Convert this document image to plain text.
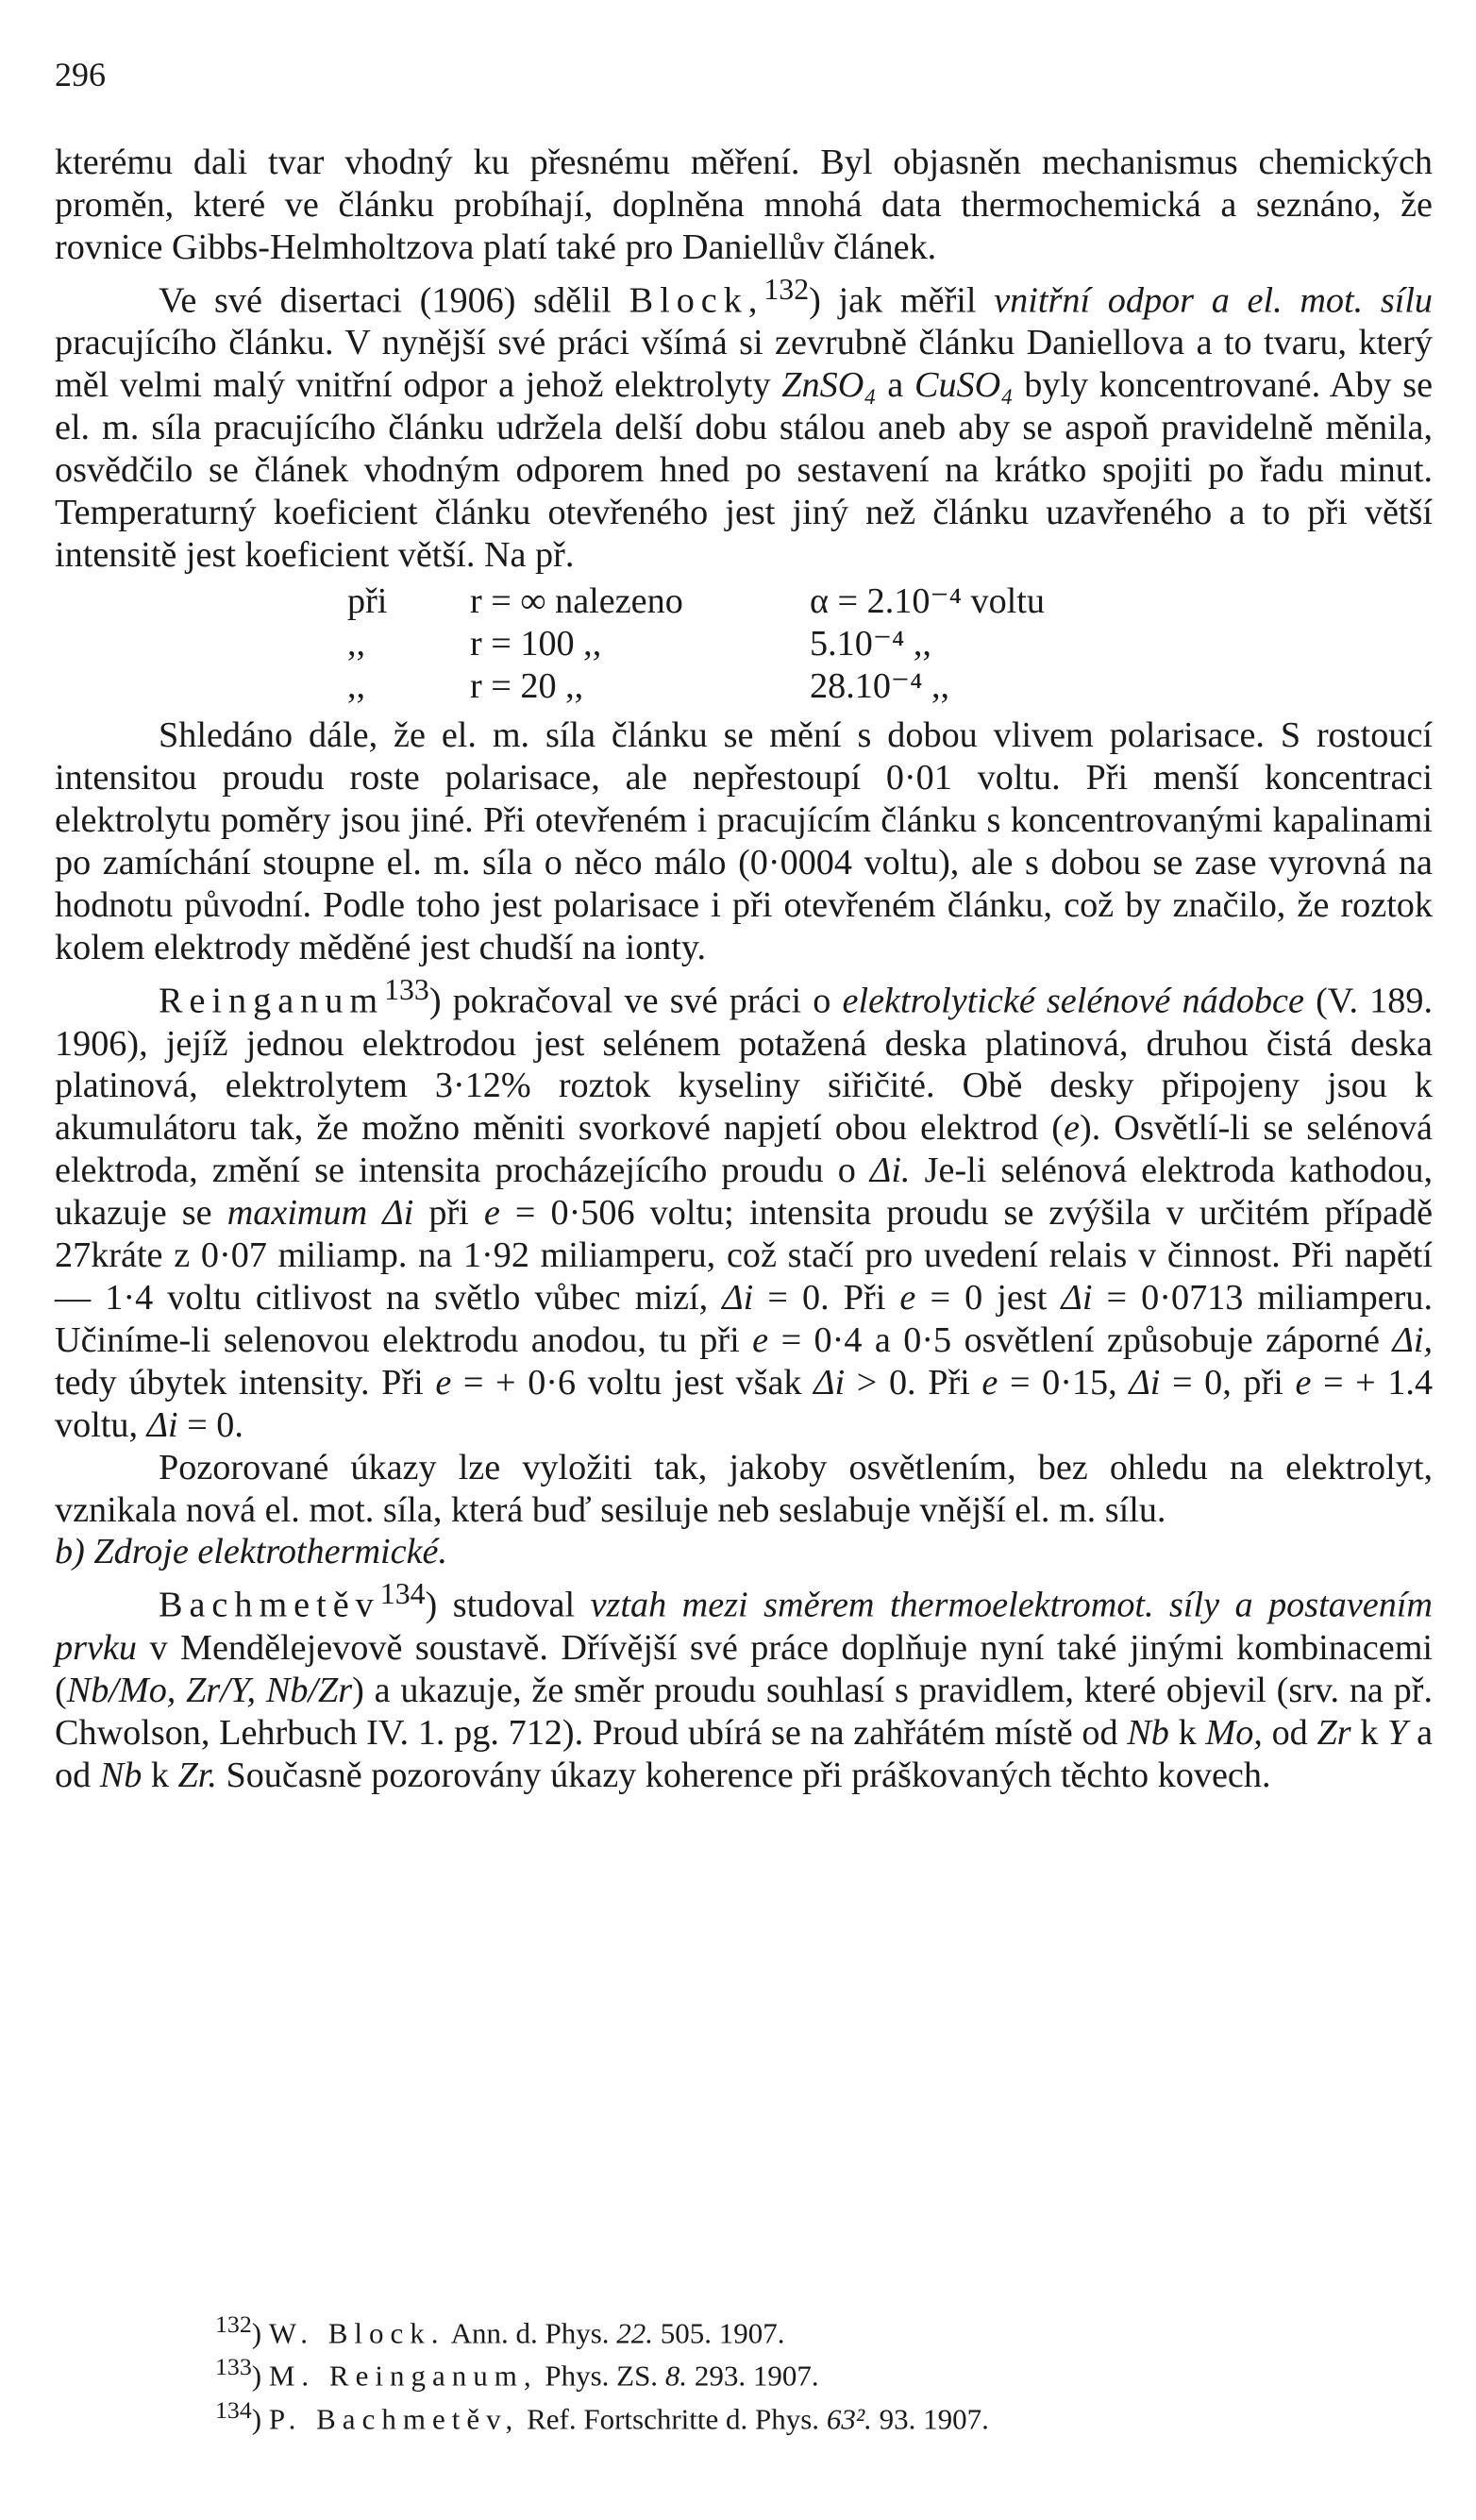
296

kterému dali tvar vhodný ku přesnému měření. Byl objasněn mechanismus chemických proměn, které ve článku probíhají, doplněna mnohá data thermochemická a seznáno, že rovnice Gibbs-Helmholtzova platí také pro Daniellův článek.

Ve své disertaci (1906) sdělil Block,$^{132}$) jak měřil vnitřní odpor a el. mot. sílu pracujícího článku. V nynější své práci všímá si zevrubně článku Daniellova a to tvaru, který měl velmi malý vnitřní odpor a jehož elektrolyty ZnSO₄ a CuSO₄ byly koncentrované. Aby se el. m. síla pracujícího článku udržela delší dobu stálou aneb aby se aspoň pravidelně měnila, osvědčilo se článek vhodným odporem hned po sestavení na krátko spojiti po řadu minut. Temperaturný koeficient článku otevřeného jest jiný než článku uzavřeného a to při větší intensitě jest koeficient větší. Na př.

při	r = ∞ nalezeno	α = 2.10⁻⁴ voltu
,,	r = 100 ,,	5.10⁻⁴ ,,
,,	r = 20 ,,	28.10⁻⁴ ,,

Shledáno dále, že el. m. síla článku se mění s dobou vlivem polarisace. S rostoucí intensitou proudu roste polarisace, ale nepřestoupí 0·01 voltu. Při menší koncentraci elektrolytu poměry jsou jiné. Při otevřeném i pracujícím článku s koncentrovanými kapalinami po zamíchání stoupne el. m. síla o něco málo (0·0004 voltu), ale s dobou se zase vyrovná na hodnotu původní. Podle toho jest polarisace i při otevřeném článku, což by značilo, že roztok kolem elektrody měděné jest chudší na ionty.

Reinganum$^{133}$) pokračoval ve své práci o elektrolytické selénové nádobce (V. 189. 1906), jejíž jednou elektrodou jest selénem potažená deska platinová, druhou čistá deska platinová, elektrolytem 3·12% roztok kyseliny siřičité. Obě desky připojeny jsou k akumulátoru tak, že možno měniti svorkové napjetí obou elektrod (e). Osvětlí-li se selénová elektroda, změní se intensita procházejícího proudu o Δi. Je-li selénová elektroda kathodou, ukazuje se maximum Δi při e = 0·506 voltu; intensita proudu se zvýšila v určitém případě 27kráte z 0·07 miliamp. na 1·92 miliamperu, což stačí pro uvedení relais v činnost. Při napětí — 1·4 voltu citlivost na světlo vůbec mizí, Δi = 0. Při e = 0 jest Δi = 0·0713 miliamperu. Učiníme-li selenovou elektrodu anodou, tu při e = 0·4 a 0·5 osvětlení způsobuje záporné Δi, tedy úbytek intensity. Při e = + 0·6 voltu jest však Δi > 0. Při e = 0·15, Δi = 0, při e = + 1.4 voltu, Δi = 0.

Pozorované úkazy lze vyložiti tak, jakoby osvětlením, bez ohledu na elektrolyt, vznikala nová el. mot. síla, která buď sesiluje neb seslabuje vnější el. m. sílu.

b) Zdroje elektrothermické.

Bachmetěv$^{134}$) studoval vztah mezi směrem thermoelektromot. síly a postavením prvku v Mendělejevově soustavě. Dřívější své práce doplňuje nyní také jinými kombinacemi (Nb/Mo, Zr/Y, Nb/Zr) a ukazuje, že směr proudu souhlasí s pravidlem, které objevil (srv. na př. Chwolson, Lehrbuch IV. 1. pg. 712). Proud ubírá se na zahřátém místě od Nb k Mo, od Zr k Y a od Nb k Zr. Současně pozorovány úkazy koherence při práškovaných těchto kovech.

$^{132}$) W. Block. Ann. d. Phys. 22. 505. 1907.

$^{133}$) M. Reinganum, Phys. ZS. 8. 293. 1907.

$^{134}$) P. Bachmetěv, Ref. Fortschritte d. Phys. 63². 93. 1907.
